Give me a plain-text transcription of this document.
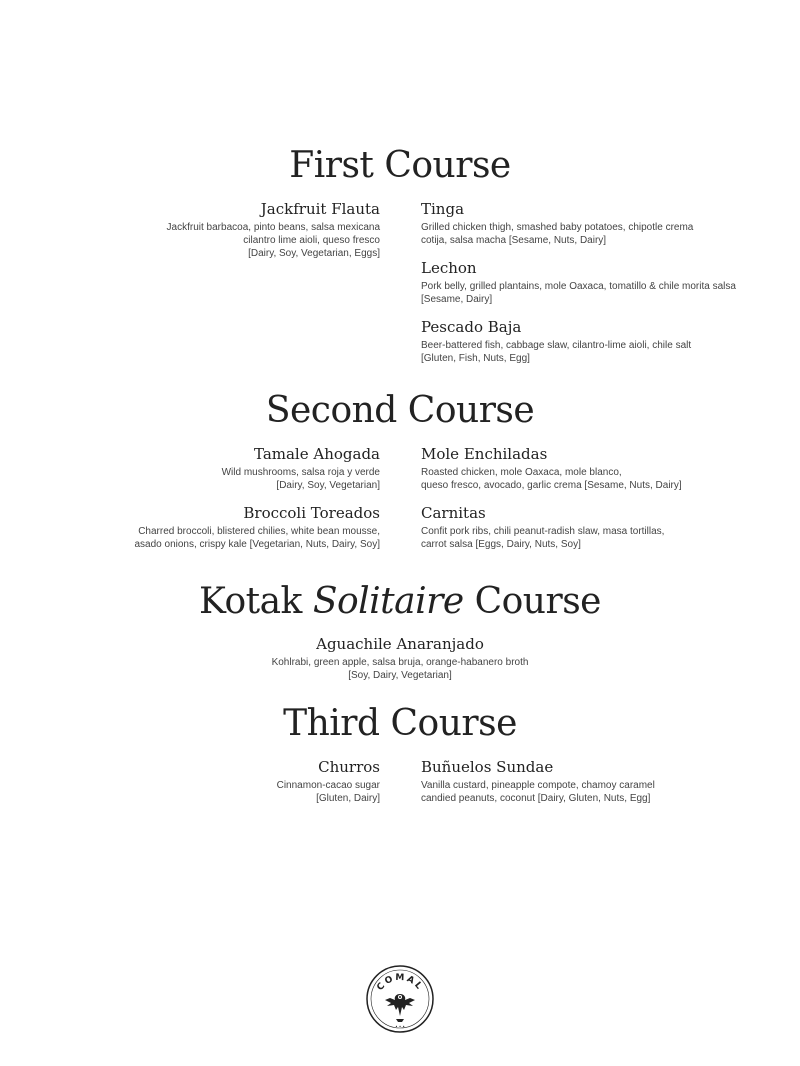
First Course
Jackfruit Flauta
Jackfruit barbacoa, pinto beans, salsa mexicana
cilantro lime aioli, queso fresco
[Dairy, Soy, Vegetarian, Eggs]
Tinga
Grilled chicken thigh, smashed baby potatoes, chipotle crema
cotija, salsa macha [Sesame, Nuts, Dairy]
Lechon
Pork belly, grilled plantains, mole Oaxaca, tomatillo & chile morita salsa
[Sesame, Dairy]
Pescado Baja
Beer-battered fish, cabbage slaw, cilantro-lime aioli, chile salt
[Gluten, Fish, Nuts, Egg]
Second Course
Tamale Ahogada
Wild mushrooms, salsa roja y verde
[Dairy, Soy, Vegetarian]
Broccoli Toreados
Charred broccoli, blistered chilies, white bean mousse,
asado onions, crispy kale [Vegetarian, Nuts, Dairy, Soy]
Mole Enchiladas
Roasted chicken, mole Oaxaca, mole blanco,
queso fresco, avocado, garlic crema [Sesame, Nuts, Dairy]
Carnitas
Confit pork ribs, chili peanut-radish slaw, masa tortillas,
carrot salsa [Eggs, Dairy, Nuts, Soy]
Kotak Solitaire Course
Aguachile Anaranjado
Kohlrabi, green apple, salsa bruja, orange-habanero broth
[Soy, Dairy, Vegetarian]
Third Course
Churros
Cinnamon-cacao sugar
[Gluten, Dairy]
Buñuelos Sundae
Vanilla custard, pineapple compote, chamoy caramel
candied peanuts, coconut [Dairy, Gluten, Nuts, Egg]
COMAL
• • •
